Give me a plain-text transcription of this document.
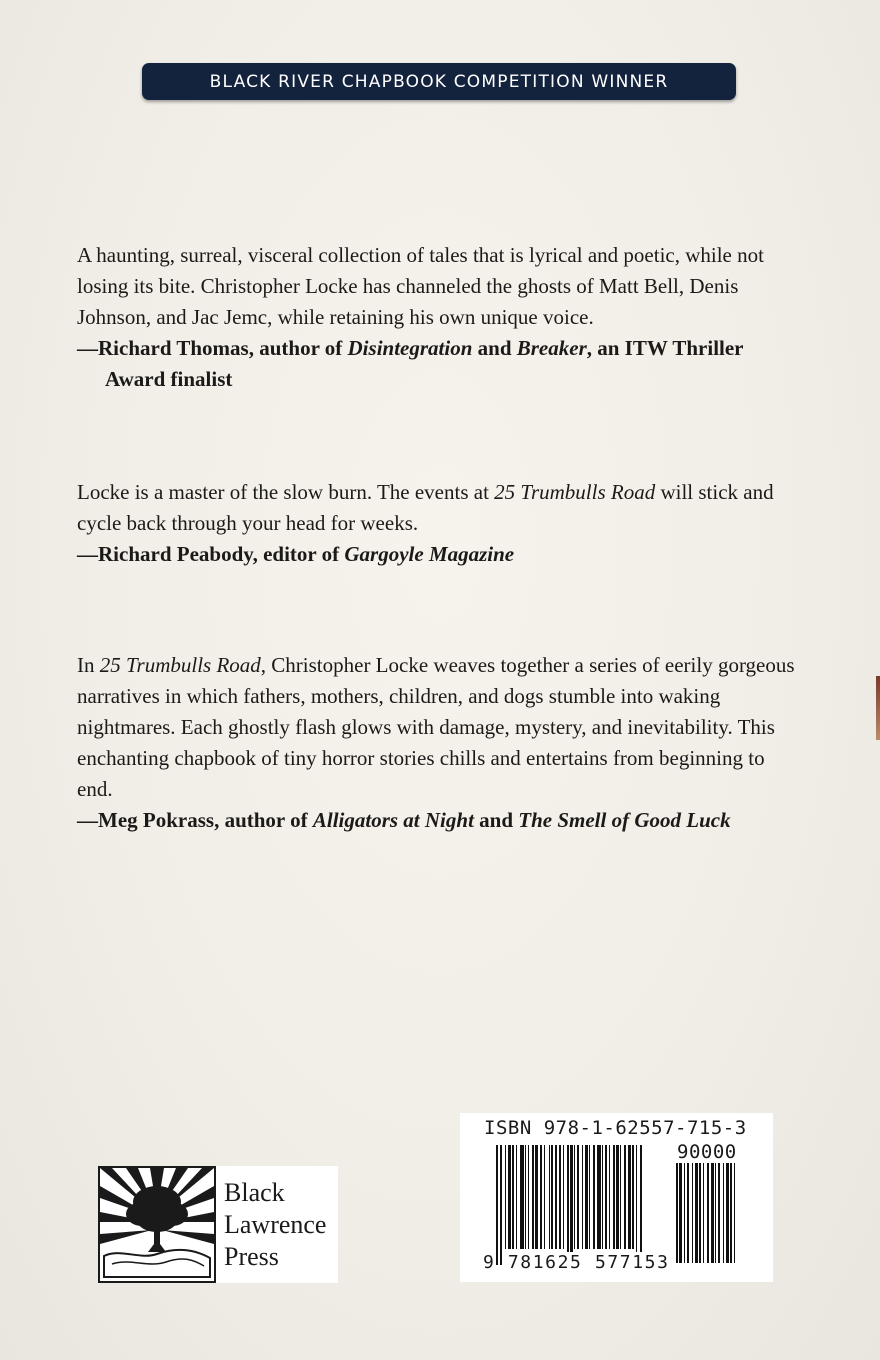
BLACK RIVER CHAPBOOK COMPETITION WINNER

A haunting, surreal, visceral collection of tales that is lyrical and poetic, while not losing its bite. Christopher Locke has channeled the ghosts of Matt Bell, Denis Johnson, and Jac Jemc, while retaining his own unique voice.

—Richard Thomas, author of Disintegration and Breaker, an ITW Thriller Award finalist

Locke is a master of the slow burn. The events at 25 Trumbulls Road will stick and cycle back through your head for weeks.

—Richard Peabody, editor of Gargoyle Magazine

In 25 Trumbulls Road, Christopher Locke weaves together a series of eerily gorgeous narratives in which fathers, mothers, children, and dogs stumble into waking nightmares. Each ghostly flash glows with damage, mystery, and inevitability. This enchanting chapbook of tiny horror stories chills and entertains from beginning to end.

—Meg Pokrass, author of Alligators at Night and The Smell of Good Luck

Black
Lawrence
Press
ISBN 978-1-62557-715-3
90000
9 781625 577153
